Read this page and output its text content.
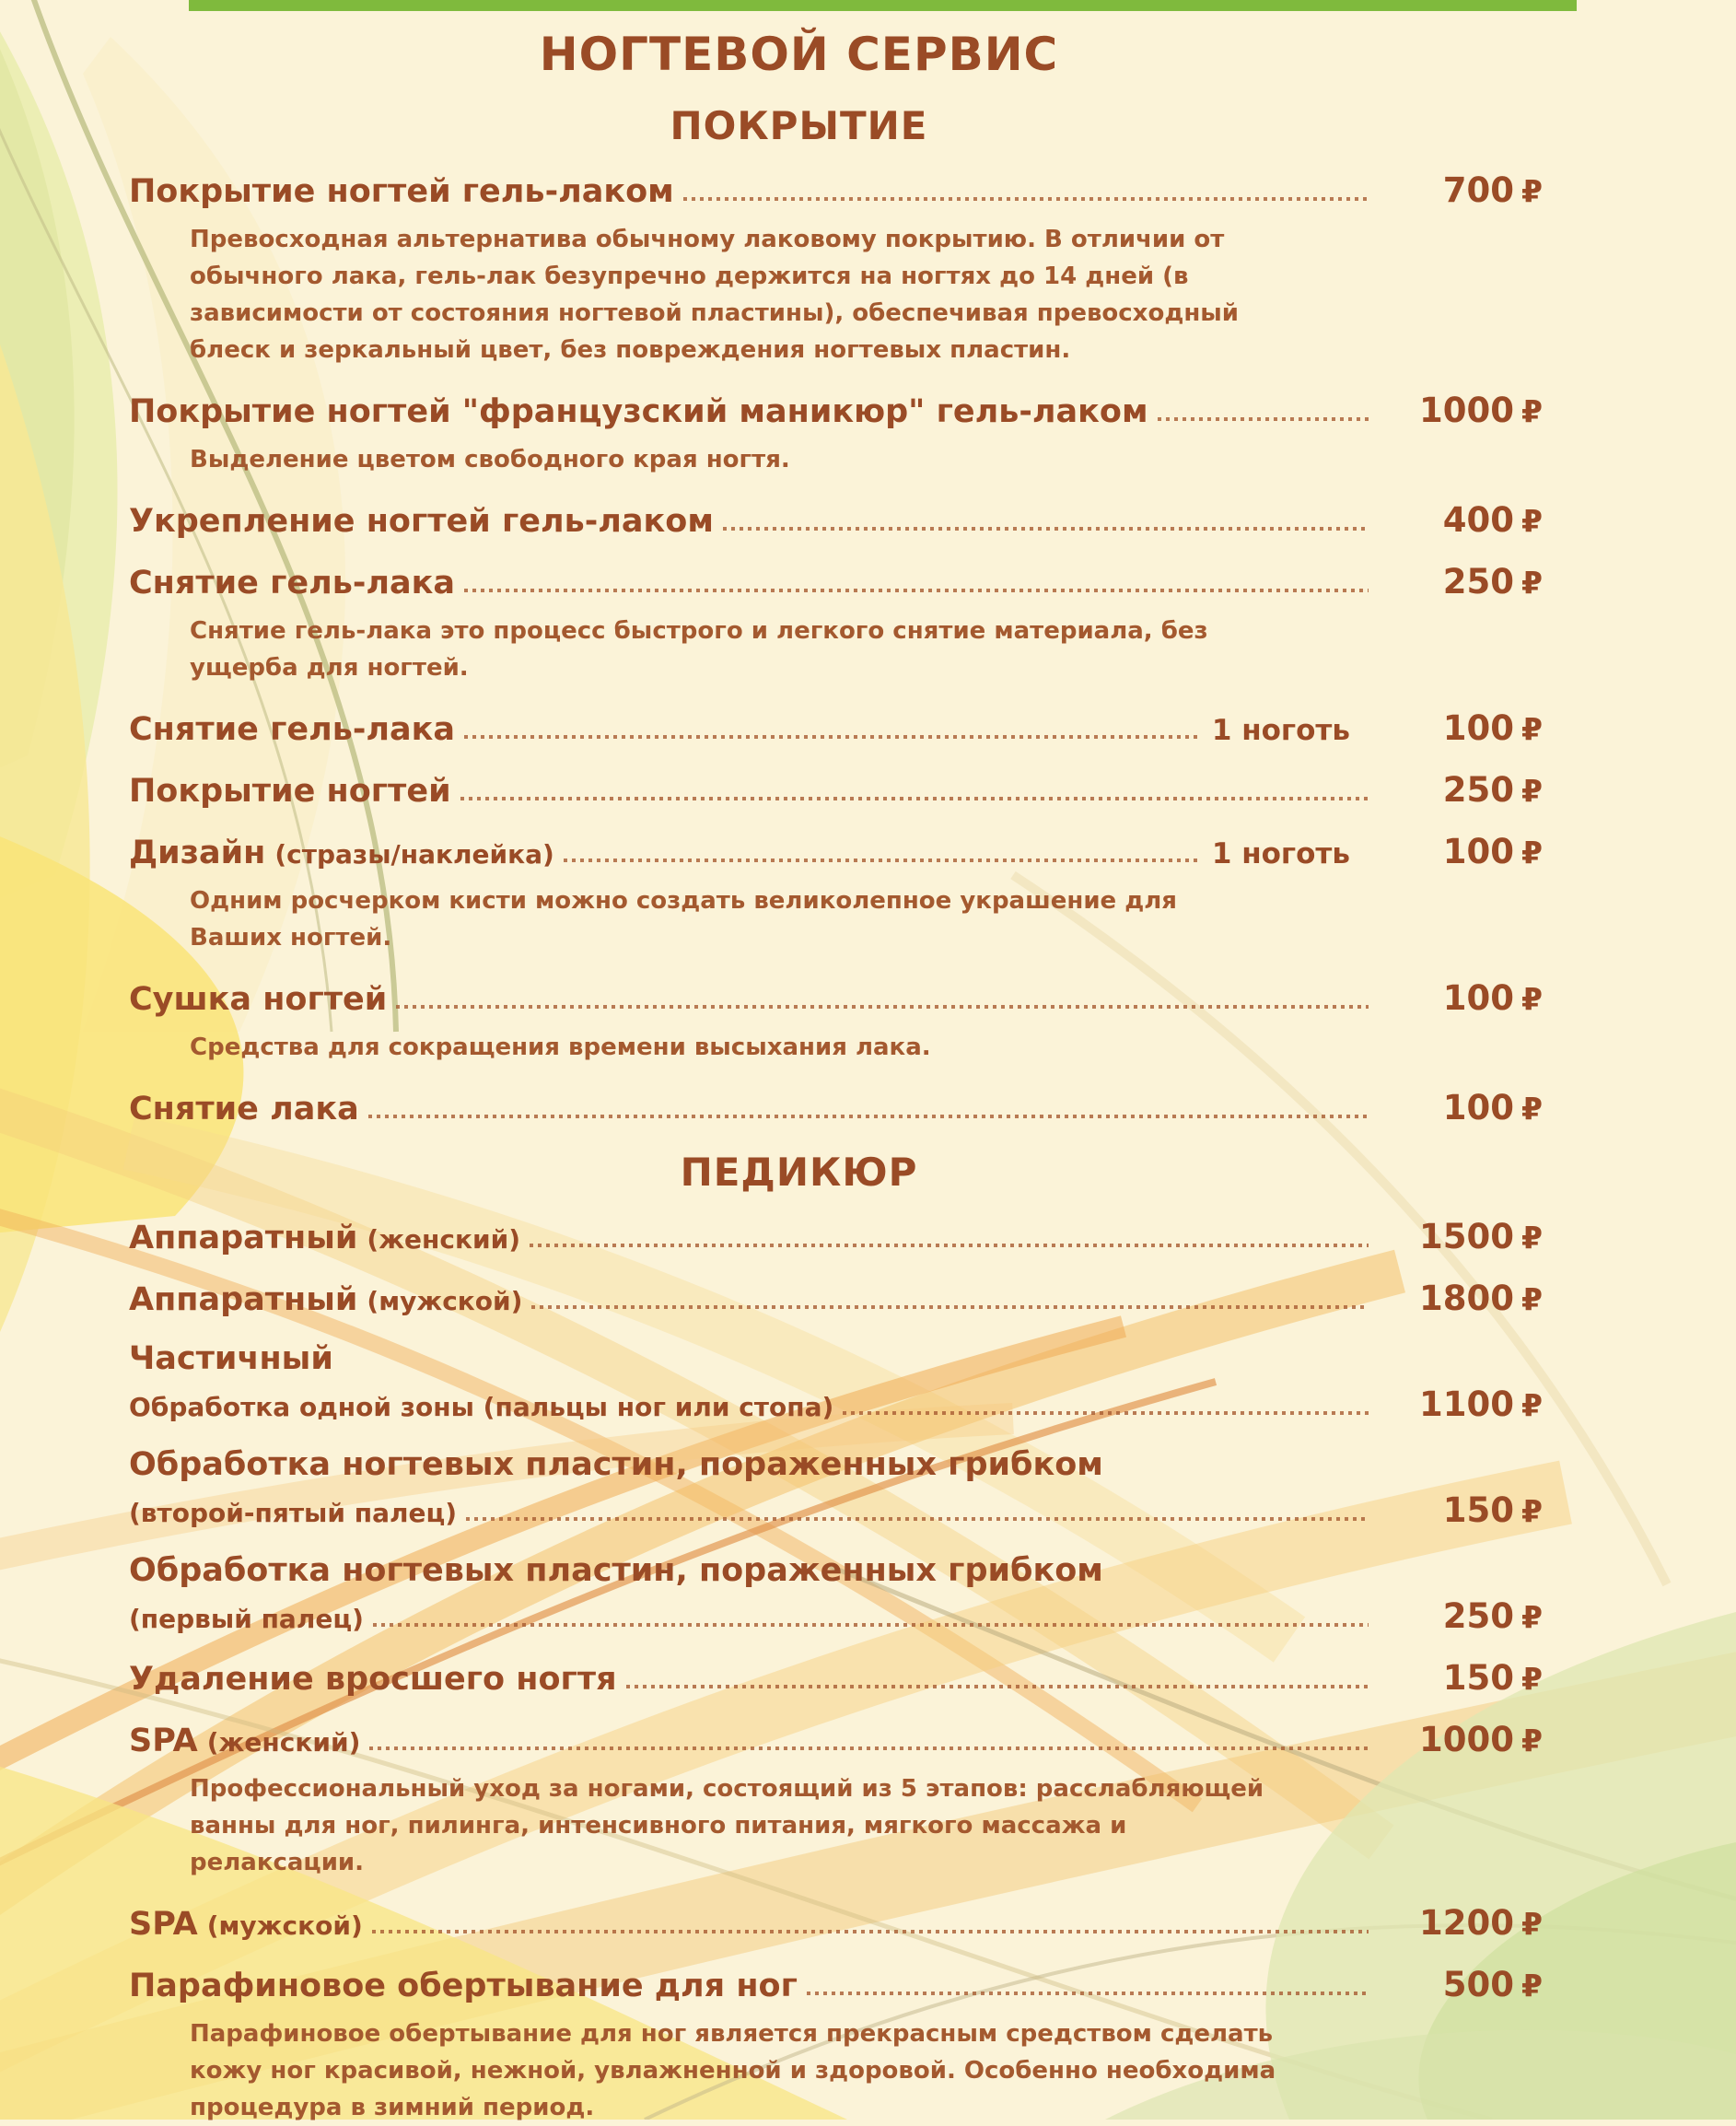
НОГТЕВОЙ СЕРВИС
ПОКРЫТИЕ
Покрытие ногтей гель-лаком	700 ₽

Превосходная альтернатива обычному лаковому покрытию. В отличии от обычного лака, гель-лак безупречно держится на ногтях до 14 дней (в зависимости от состояния ногтевой пластины), обеспечивая превосходный блеск и зеркальный цвет, без повреждения ногтевых пластин.

Покрытие ногтей "французский маникюр" гель-лаком	1000 ₽

Выделение цветом свободного края ногтя.

Укрепление ногтей гель-лаком	400 ₽
Снятие гель-лака	250 ₽

Снятие гель-лака это процесс быстрого и легкого снятие материала, без ущерба для ногтей.

Снятие гель-лака	1 ноготь	100 ₽
Покрытие ногтей	250 ₽
Дизайн (стразы/наклейка)	1 ноготь	100 ₽

Одним росчерком кисти можно создать великолепное украшение для Ваших ногтей.

Сушка ногтей	100 ₽

Средства для сокращения времени высыхания лака.

Снятие лака	100 ₽
ПЕДИКЮР
Аппаратный (женский)	1500 ₽
Аппаратный (мужской)	1800 ₽
Частичный
Обработка одной зоны (пальцы ног или стопа)	1100 ₽
Обработка ногтевых пластин, пораженных грибком
(второй-пятый палец)	150 ₽
Обработка ногтевых пластин, пораженных грибком
(первый палец)	250 ₽
Удаление вросшего ногтя	150 ₽
SPA (женский)	1000 ₽

Профессиональный уход за ногами, состоящий из 5 этапов: расслабляющей ванны для ног, пилинга, интенсивного питания, мягкого массажа и релаксации.

SPA (мужской)	1200 ₽
Парафиновое обертывание для ног	500 ₽

Парафиновое обертывание для ног является прекрасным средством сделать кожу ног красивой, нежной, увлажненной и здоровой. Особенно необходима процедура в зимний период.
